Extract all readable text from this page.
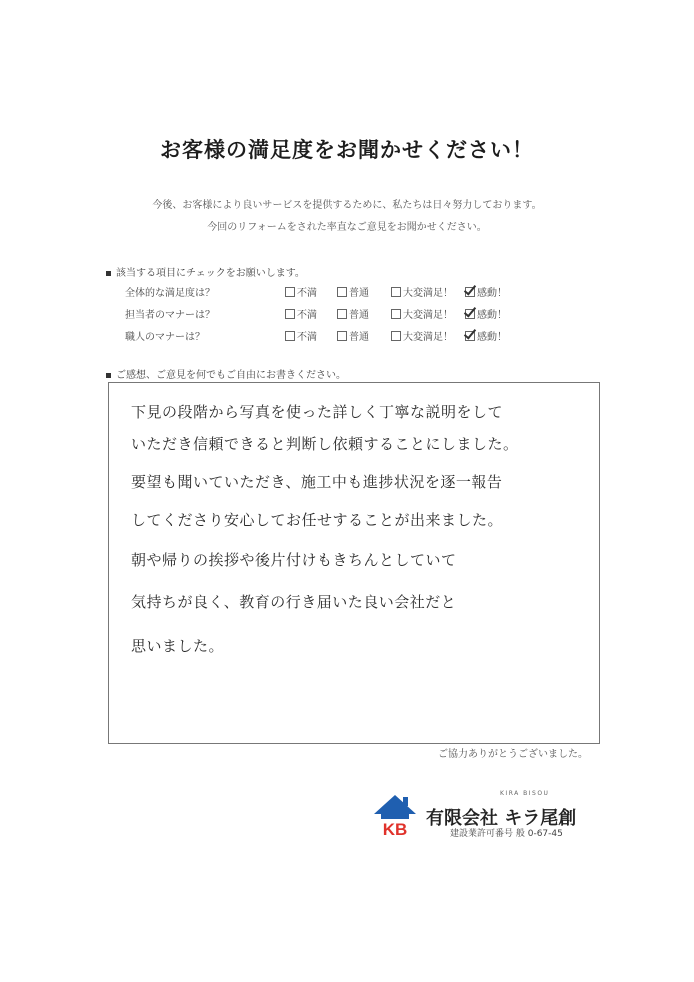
お客様の満足度をお聞かせください！
今後、お客様により良いサービスを提供するために、私たちは日々努力しております。
今回のリフォームをされた率直なご意見をお聞かせください。
該当する項目にチェックをお願いします。
全体的な満足度は？	不満	普通	大変満足！	感動！
担当者のマナーは？	不満	普通	大変満足！	感動！
職人のマナーは？	不満	普通	大変満足！	感動！
ご感想、ご意見を何でもご自由にお書きください。
下見の段階から写真を使った詳しく丁寧な説明をして
いただき信頼できると判断し依頼することにしました。
要望も聞いていただき、施工中も進捗状況を逐一報告
してくださり安心してお任せすることが出来ました。
朝や帰りの挨拶や後片付けもきちんとしていて
気持ちが良く、教育の行き届いた良い会社だと
思いました。
ご協力ありがとうございました。
KB
KIRA BISOU
有限会社 キラ尾創
建設業許可番号 般 0-67-45
